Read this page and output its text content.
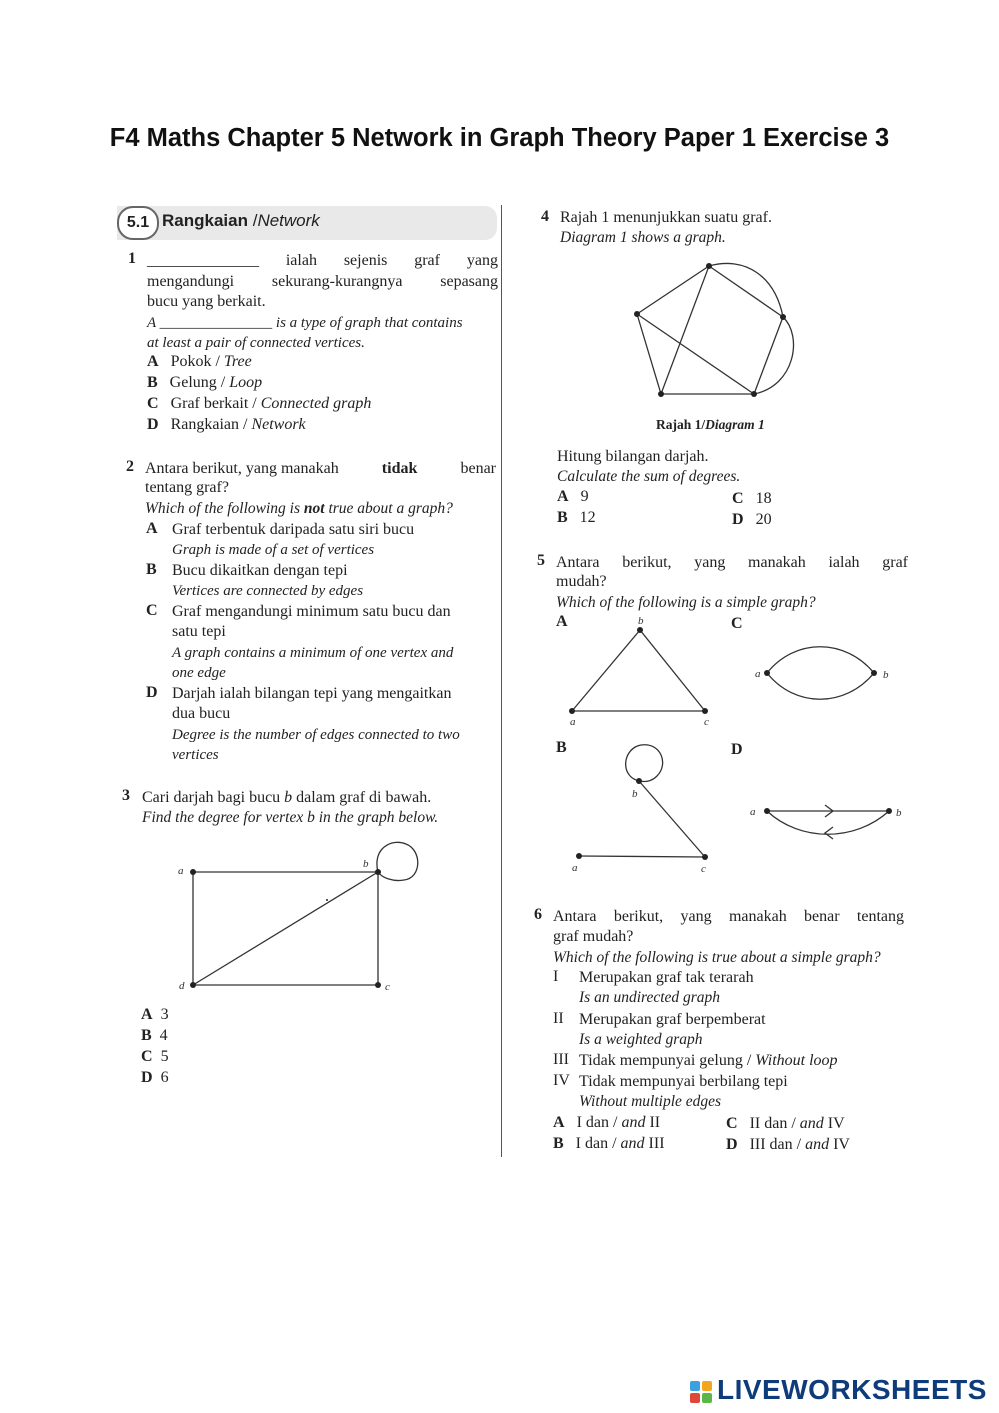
F4 Maths Chapter 5 Network in Graph Theory Paper 1 Exercise 3
5.1 Rangkaian /Network
1 ______________ ialah sejenis graf yang
mengandungi sekurang-kurangnya sepasang
bucu yang berkait.
A _______________ is a type of graph that contains
at least a pair of connected vertices.
A Pokok / Tree
B Gelung / Loop
C Graf berkait / Connected graph
D Rangkaian / Network
2 Antara berikut, yang manakah	tidak	benar
tentang graf?
Which of the following is not true about a graph?
A Graf terbentuk daripada satu siri bucu
Graph is made of a set of vertices
B Bucu dikaitkan dengan tepi
Vertices are connected by edges
C Graf mengandungi minimum satu bucu dan
satu tepi
A graph contains a minimum of one vertex and
one edge
D Darjah ialah bilangan tepi yang mengaitkan
dua bucu
Degree is the number of edges connected to two
vertices
3 Cari darjah bagi bucu b dalam graf di bawah.
Find the degree for vertex b in the graph below.
a
b
c
d
A 3
B 4
C 5
D 6
4 Rajah 1 menunjukkan suatu graf.
Diagram 1 shows a graph.
Rajah 1/Diagram 1
Hitung bilangan darjah.
Calculate the sum of degrees.
A 9
B 12
C 18
D 20
5 Antara berikut, yang manakah ialah graf
mudah?
Which of the following is a simple graph?
A	C
B	D
b
a	c
a	b
b
a	c
a	b
6 Antara berikut, yang manakah benar tentang
graf mudah?
Which of the following is true about a simple graph?
I Merupakan graf tak terarah
Is an undirected graph
II Merupakan graf berpemberat
Is a weighted graph
III Tidak mempunyai gelung / Without loop
IV Tidak mempunyai berbilang tepi
Without multiple edges
A I dan / and II
B I dan / and III
C II dan / and IV
D III dan / and IV
LIVEWORKSHEETS
